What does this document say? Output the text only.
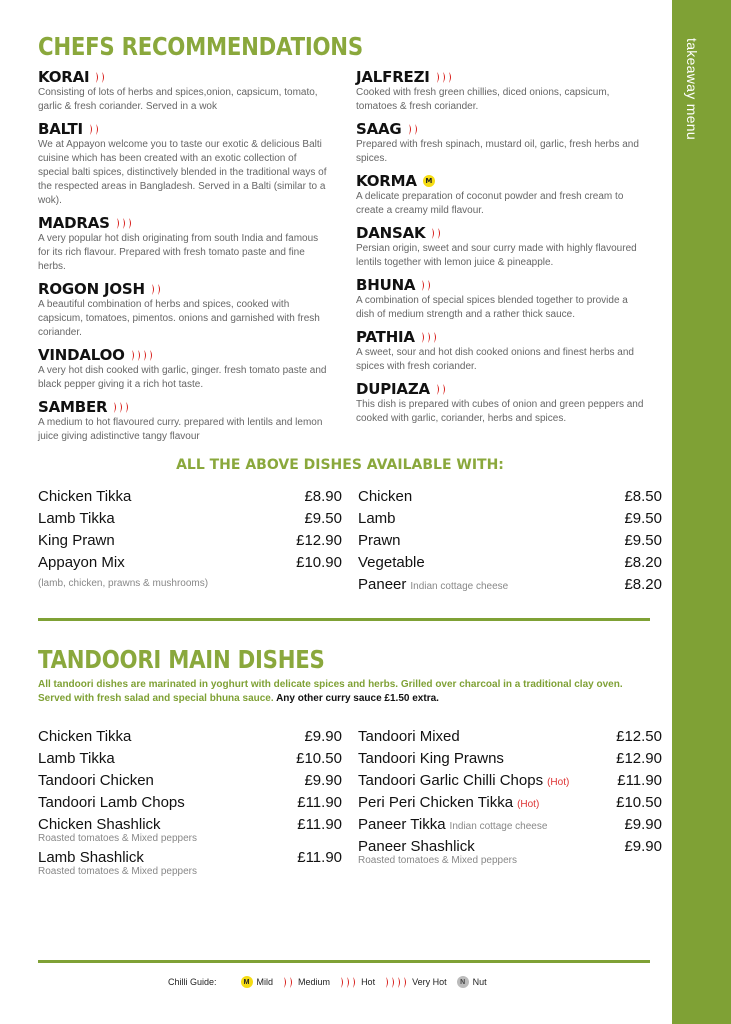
takeaway menu
CHEFS RECOMMENDATIONS
KORAI
Consisting of lots of herbs and spices,onion, capsicum, tomato, garlic & fresh coriander. Served in a wok
BALTI
We at Appayon welcome you to taste our exotic & delicious Balti cuisine which has been created with an exotic collection of special balti spices, distinctively blended in the traditional ways of the respected areas in Bangladesh. Served in a Balti (similar to a wok).
MADRAS
A very popular hot dish originating from south India and famous for its rich flavour. Prepared with fresh tomato paste and fine herbs.
ROGON JOSH
A beautiful combination of herbs and spices, cooked with capsicum, tomatoes, pimentos. onions and garnished with fresh coriander.
VINDALOO
A very hot dish cooked with garlic, ginger. fresh tomato paste and black pepper giving it a rich hot taste.
SAMBER
A medium to hot flavoured curry. prepared with lentils and lemon juice giving adistinctive tangy flavour
JALFREZI
Cooked with fresh green chillies, diced onions, capsicum, tomatoes & fresh coriander.
SAAG
Prepared with fresh spinach, mustard oil, garlic, fresh herbs and spices.
KORMA	M
A delicate preparation of coconut powder and fresh cream to create a creamy mild flavour.
DANSAK
Persian origin, sweet and sour curry made with highly flavoured lentils together with lemon juice & pineapple.
BHUNA
A combination of special spices blended together to provide a dish of medium strength and a rather thick sauce.
PATHIA
A sweet, sour and hot dish cooked onions and finest herbs and spices with fresh coriander.
DUPIAZA
This dish is prepared with cubes of onion and green peppers and cooked with garlic, coriander, herbs and spices.
ALL THE ABOVE DISHES AVAILABLE WITH:
Chicken Tikka	£8.90
Lamb Tikka	£9.50
King Prawn	£12.90
Appayon Mix	£10.90
(lamb, chicken, prawns & mushrooms)
Chicken	£8.50
Lamb	£9.50
Prawn	£9.50
Vegetable	£8.20
Paneer Indian cottage cheese	£8.20
TANDOORI MAIN DISHES
All tandoori dishes are marinated in yoghurt with delicate spices and herbs. Grilled over charcoal in a traditional clay oven. Served with fresh salad and special bhuna sauce. Any other curry sauce £1.50 extra.
Chicken Tikka	£9.90
Lamb Tikka	£10.50
Tandoori Chicken	£9.90
Tandoori Lamb Chops	£11.90
Chicken Shashlick	£11.90
Roasted tomatoes & Mixed peppers
Lamb Shashlick	£11.90
Roasted tomatoes & Mixed peppers
Tandoori Mixed	£12.50
Tandoori King Prawns	£12.90
Tandoori Garlic Chilli Chops (Hot)	£11.90
Peri Peri Chicken Tikka (Hot)	£10.50
Paneer Tikka Indian cottage cheese	£9.90
Paneer Shashlick	£9.90
Roasted tomatoes & Mixed peppers
Chilli Guide:	M Mild	Medium	Hot	Very Hot	N Nut
